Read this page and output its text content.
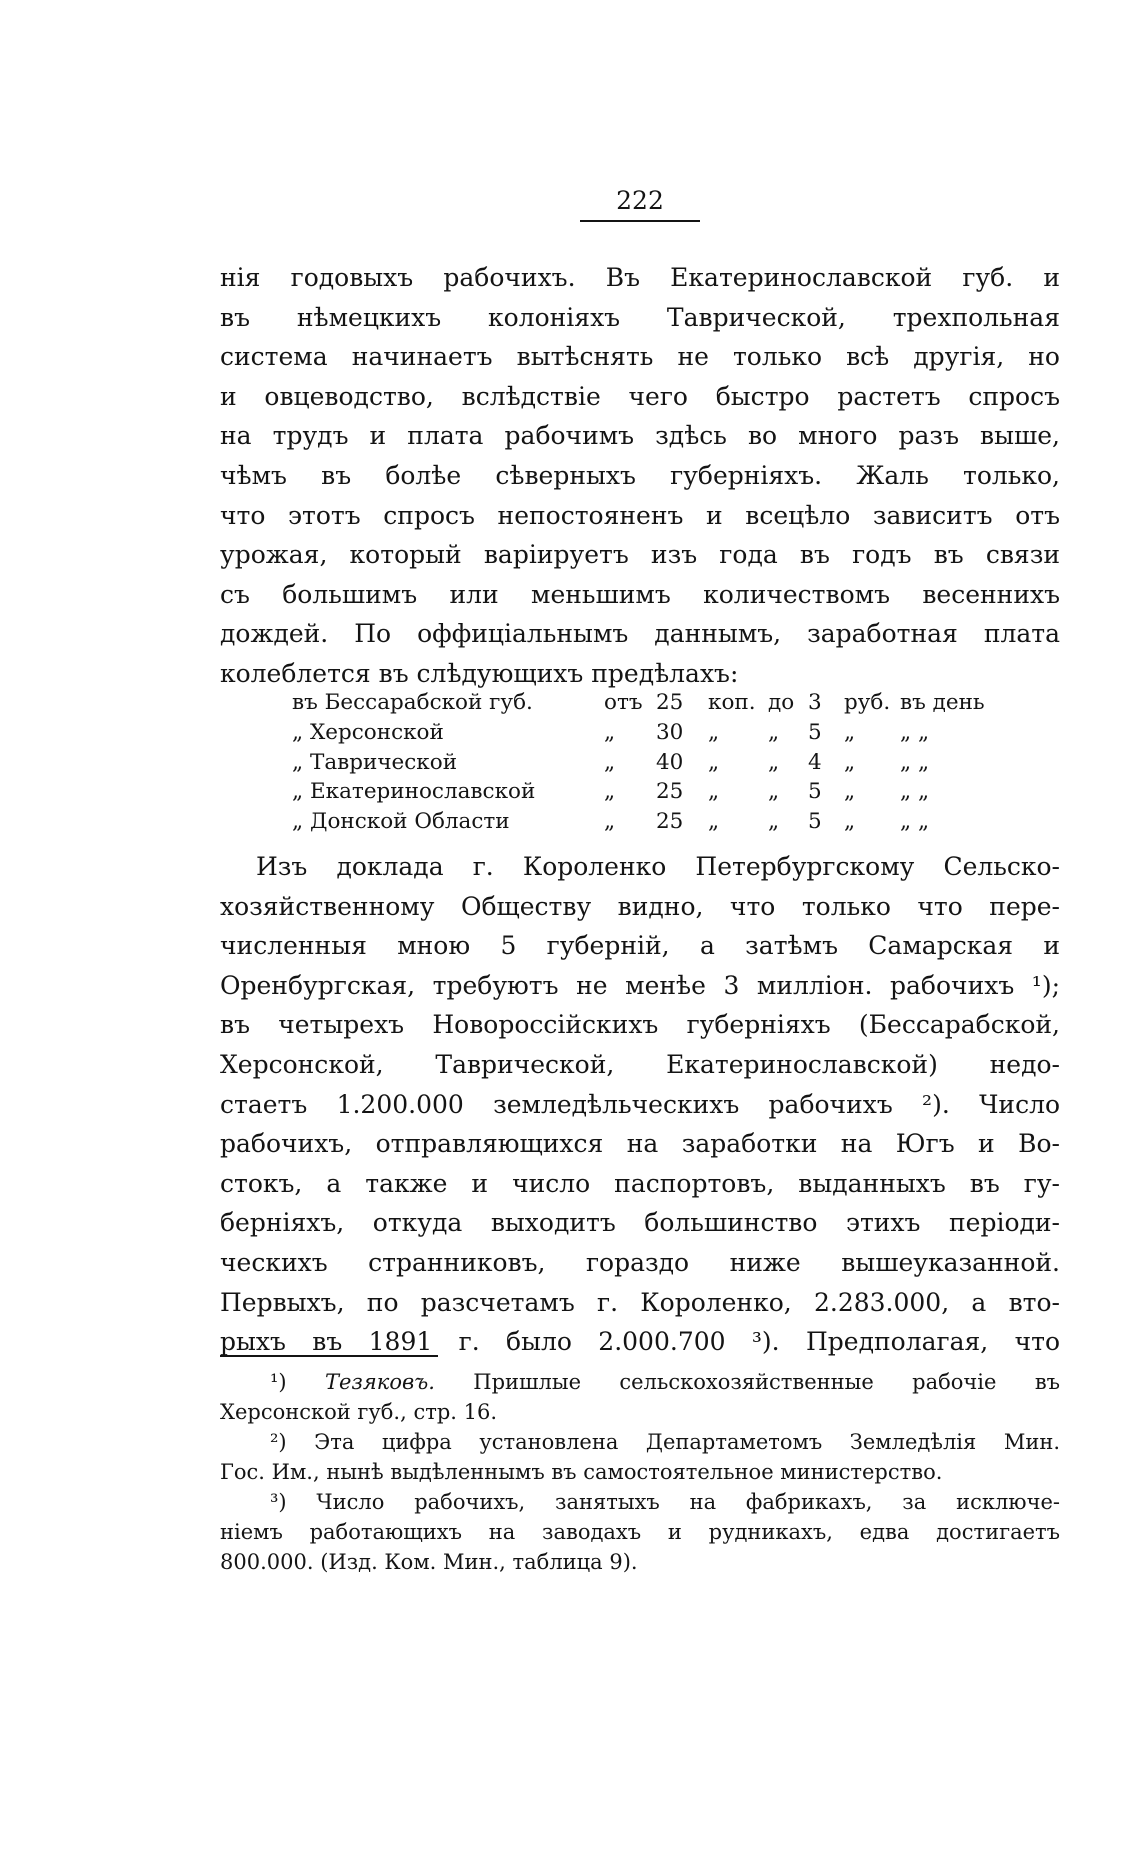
222
нія годовыхъ рабочихъ. Въ Екатеринославской губ. и
въ нѣмецкихъ колоніяхъ Таврической, трехпольная
система начинаетъ вытѣснять не только всѣ другія, но
и овцеводство, вслѣдствіе чего быстро растетъ спросъ
на трудъ и плата рабочимъ здѣсь во много разъ выше,
чѣмъ въ болѣе сѣверныхъ губерніяхъ. Жаль только,
что этотъ спросъ непостояненъ и всецѣло зависитъ отъ
урожая, который варіируетъ изъ года въ годъ въ связи
съ большимъ или меньшимъ количествомъ весеннихъ
дождей. По оффиціальнымъ даннымъ, заработная плата
колеблется въ слѣдующихъ предѣлахъ:
въ Бессарабской губ.	отъ 25	коп. до 3	руб. въ день
„ Херсонской	„	30	„	„	5	„	„ „
„ Таврической	„	40	„	„	4	„	„ „
„ Екатеринославской	„	25	„	„	5	„	„ „
„ Донской Области	„	25	„	„	5	„	„ „
Изъ доклада г. Короленко Петербургскому Сельско-
хозяйственному Обществу видно, что только что пере-
численныя мною 5 губерній, а затѣмъ Самарская и
Оренбургская, требуютъ не менѣе 3 милліон. рабочихъ ¹);
въ четырехъ Новороссійскихъ губерніяхъ (Бессарабской,
Херсонской, Таврической, Екатеринославской) недо-
стаетъ 1.200.000 земледѣльческихъ рабочихъ ²). Число
рабочихъ, отправляющихся на заработки на Югъ и Во-
стокъ, а также и число паспортовъ, выданныхъ въ гу-
берніяхъ, откуда выходитъ большинство этихъ періоди-
ческихъ странниковъ, гораздо ниже вышеуказанной.
Первыхъ, по разсчетамъ г. Короленко, 2.283.000, а вто-
рыхъ въ 1891 г. было 2.000.700 ³). Предполагая, что
¹) Тезяковъ. Пришлые сельскохозяйственные рабочіе въ
Херсонской губ., стр. 16.
²) Эта цифра установлена Департаметомъ Земледѣлія Мин.
Гос. Им., нынѣ выдѣленнымъ въ самостоятельное министерство.
³) Число рабочихъ, занятыхъ на фабрикахъ, за исключе-
ніемъ работающихъ на заводахъ и рудникахъ, едва достигаетъ
800.000. (Изд. Ком. Мин., таблица 9).
